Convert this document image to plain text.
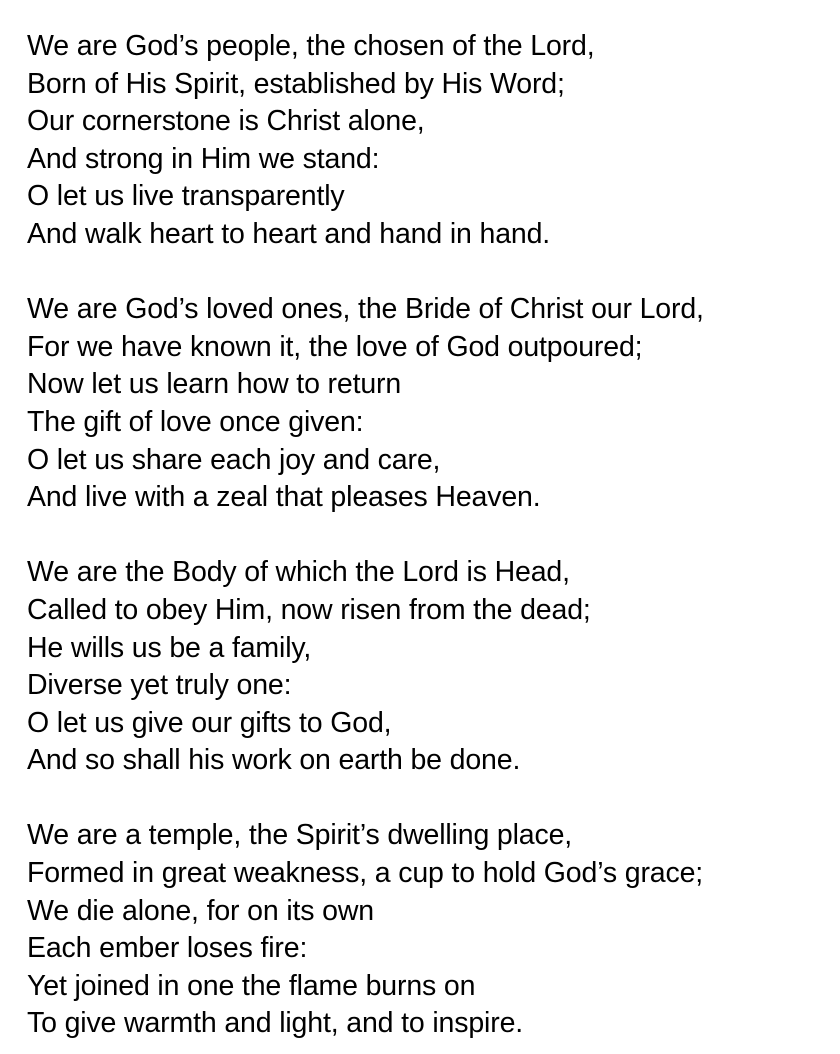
We are God’s people, the chosen of the Lord,
Born of His Spirit, established by His Word;
Our cornerstone is Christ alone,
And strong in Him we stand:
O let us live transparently
And walk heart to heart and hand in hand.
We are God’s loved ones, the Bride of Christ our Lord,
For we have known it, the love of God outpoured;
Now let us learn how to return
The gift of love once given:
O let us share each joy and care,
And live with a zeal that pleases Heaven.
We are the Body of which the Lord is Head,
Called to obey Him, now risen from the dead;
He wills us be a family,
Diverse yet truly one:
O let us give our gifts to God,
And so shall his work on earth be done.
We are a temple, the Spirit’s dwelling place,
Formed in great weakness, a cup to hold God’s grace;
We die alone, for on its own
Each ember loses fire:
Yet joined in one the flame burns on
To give warmth and light, and to inspire.
